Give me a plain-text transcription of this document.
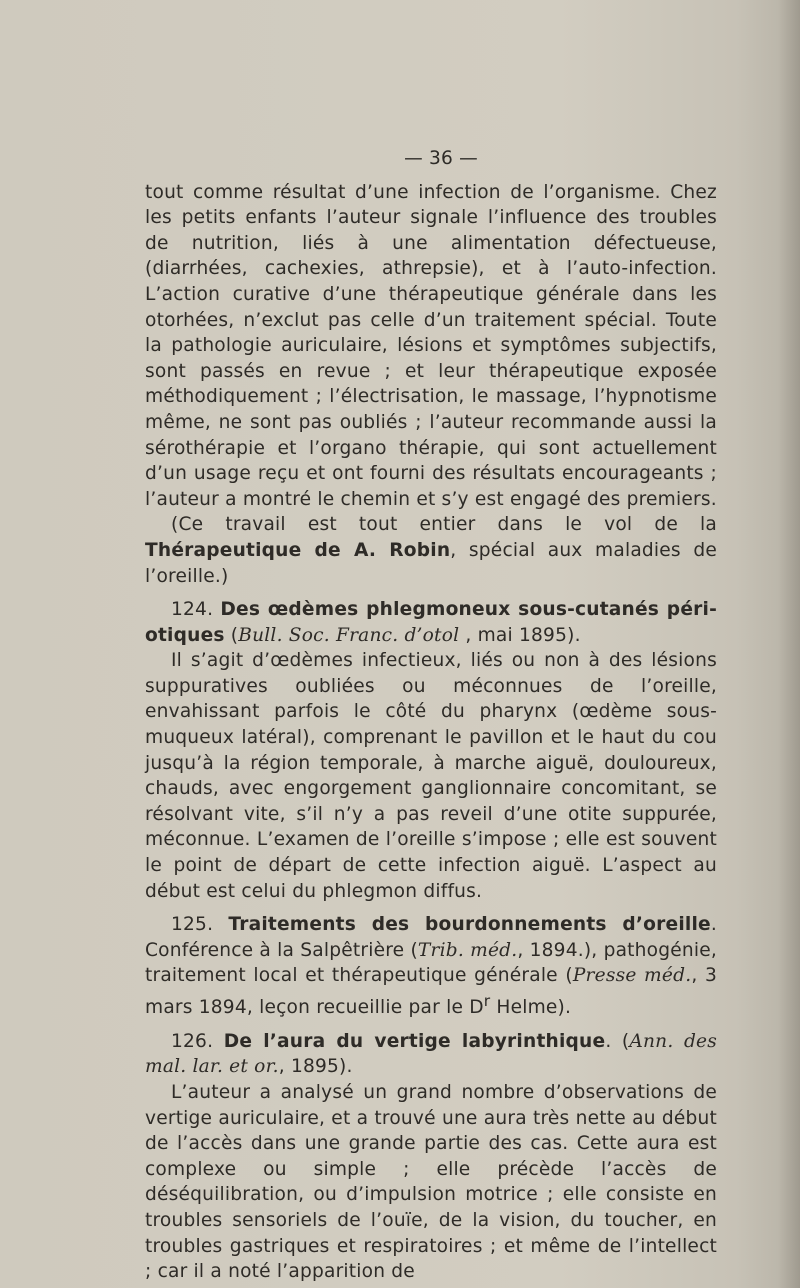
— 36 —

tout comme résultat d’une infection de l’organisme. Chez les petits enfants l’auteur signale l’influence des troubles de nutrition, liés à une alimentation défectueuse, (diarrhées, cachexies, athrepsie), et à l’auto-infection. L’action curative d’une thérapeutique générale dans les otorhées, n’exclut pas celle d’un traitement spécial. Toute la pathologie auriculaire, lésions et symptômes subjectifs, sont passés en revue ; et leur thérapeutique exposée méthodiquement ; l’électrisation, le massage, l’hypnotisme même, ne sont pas oubliés ; l’auteur recommande aussi la sérothérapie et l’organo thérapie, qui sont actuellement d’un usage reçu et ont fourni des résultats encourageants ; l’auteur a montré le chemin et s’y est engagé des premiers.

(Ce travail est tout entier dans le vol de la Thérapeutique de A. Robin, spécial aux maladies de l’oreille.)

124. Des œdèmes phlegmoneux sous-cutanés péri-otiques (Bull. Soc. Franc. d’otol , mai 1895).

Il s’agit d’œdèmes infectieux, liés ou non à des lésions suppuratives oubliées ou méconnues de l’oreille, envahissant parfois le côté du pharynx (œdème sous-muqueux latéral), comprenant le pavillon et le haut du cou jusqu’à la région temporale, à marche aiguë, douloureux, chauds, avec engorgement ganglionnaire concomitant, se résolvant vite, s’il n’y a pas reveil d’une otite suppurée, méconnue. L’examen de l’oreille s’impose ; elle est souvent le point de départ de cette infection aiguë. L’aspect au début est celui du phlegmon diffus.

125. Traitements des bourdonnements d’oreille. Conférence à la Salpêtrière (Trib. méd., 1894.), pathogénie, traitement local et thérapeutique générale (Presse méd., 3 mars 1894, leçon recueillie par le $D^r$ Helme).

126. De l’aura du vertige labyrinthique. (Ann. des mal. lar. et or., 1895).

L’auteur a analysé un grand nombre d’observations de vertige auriculaire, et a trouvé une aura très nette au début de l’accès dans une grande partie des cas. Cette aura est complexe ou simple ; elle précède l’accès de déséquilibration, ou d’impulsion motrice ; elle consiste en troubles sensoriels de l’ouïe, de la vision, du toucher, en troubles gastriques et respiratoires ; et même de l’intellect ; car il a noté l’apparition de
